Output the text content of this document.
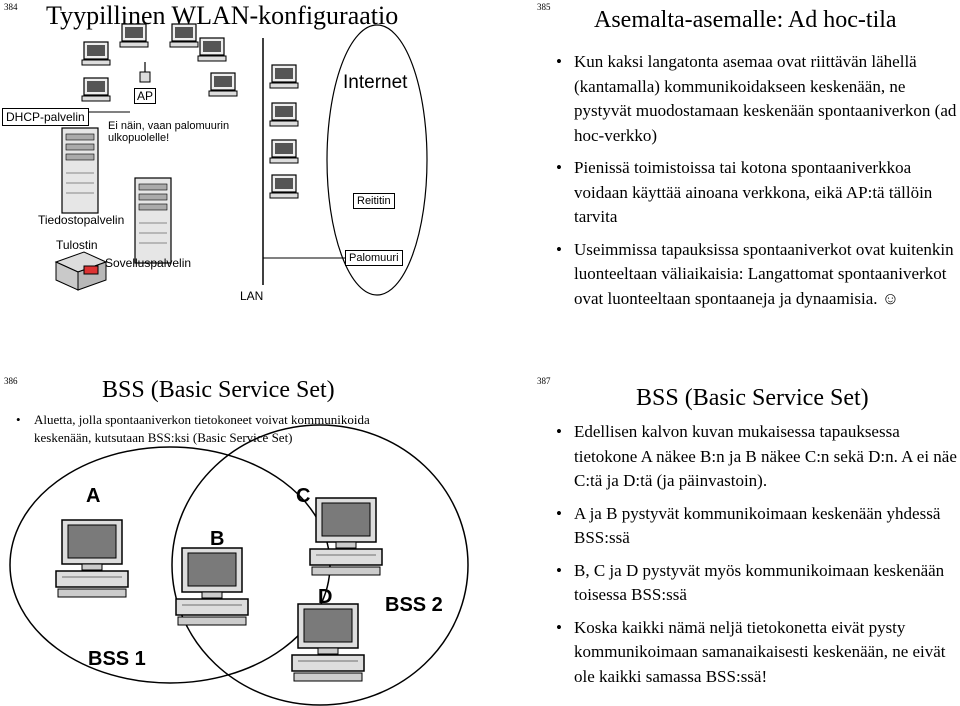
384 Tyypillinen WLAN-konfiguraatio
DHCP-palvelin
AP
Ei näin, vaan palomuurin ulkopuolelle!
Internet
Reititin
Tiedostopalvelin
Tulostin
Sovelluspalvelin	Palomuuri
LAN
385 Asemalta-asemalle: Ad hoc-tila
• Kun kaksi langatonta asemaa ovat riittävän lähellä (kantamalla) kommunikoidakseen keskenään, ne pystyvät muodostamaan keskenään spontaaniverkon (ad hoc-verkko)
• Pienissä toimistoissa tai kotona spontaaniverkkoa voidaan käyttää ainoana verkkona, eikä AP:tä tällöin tarvita
• Useimmissa tapauksissa spontaaniverkot ovat kuitenkin luonteeltaan väliaikaisia: Langattomat spontaaniverkot ovat luonteeltaan spontaaneja ja dynaamisia. ☺
386	BSS (Basic Service Set)
• Aluetta, jolla spontaaniverkon tietokoneet voivat kommunikoida keskenään, kutsutaan BSS:ksi (Basic Service Set)
A
B
C
D
BSS 1
BSS 2
387
BSS (Basic Service Set)
• Edellisen kalvon kuvan mukaisessa tapauksessa tietokone A näkee B:n ja B näkee C:n sekä D:n. A ei näe C:tä ja D:tä (ja päinvastoin).
• A ja B pystyvät kommunikoimaan keskenään yhdessä BSS:ssä
• B, C ja D pystyvät myös kommunikoimaan keskenään toisessa BSS:ssä
• Koska kaikki nämä neljä tietokonetta eivät pysty kommunikoimaan samanaikaisesti keskenään, ne eivät ole kaikki samassa BSS:ssä!
